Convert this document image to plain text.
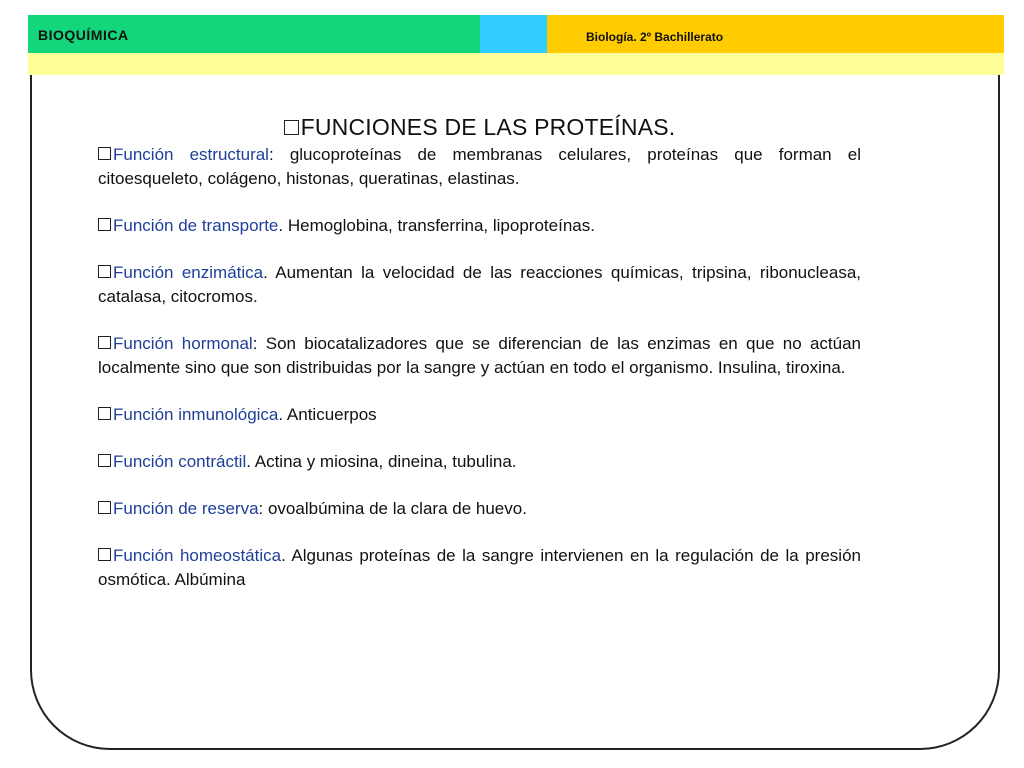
BIOQUÍMICA	Biología. 2º Bachillerato
FUNCIONES DE LAS PROTEÍNAS.

Función estructural: glucoproteínas de membranas celulares, proteínas que forman el citoesqueleto, colágeno, histonas, queratinas, elastinas.

Función de transporte. Hemoglobina, transferrina, lipoproteínas.

Función enzimática. Aumentan la velocidad de las reacciones químicas, tripsina, ribonucleasa, catalasa, citocromos.

Función hormonal: Son biocatalizadores que se diferencian de las enzimas en que no actúan localmente sino que son distribuidas por la sangre y actúan en todo el organismo. Insulina, tiroxina.

Función inmunológica. Anticuerpos

Función contráctil. Actina y miosina, dineina, tubulina.

Función de reserva: ovoalbúmina de la clara de huevo.

Función homeostática. Algunas proteínas de la sangre intervienen en la regulación de la presión osmótica. Albúmina
